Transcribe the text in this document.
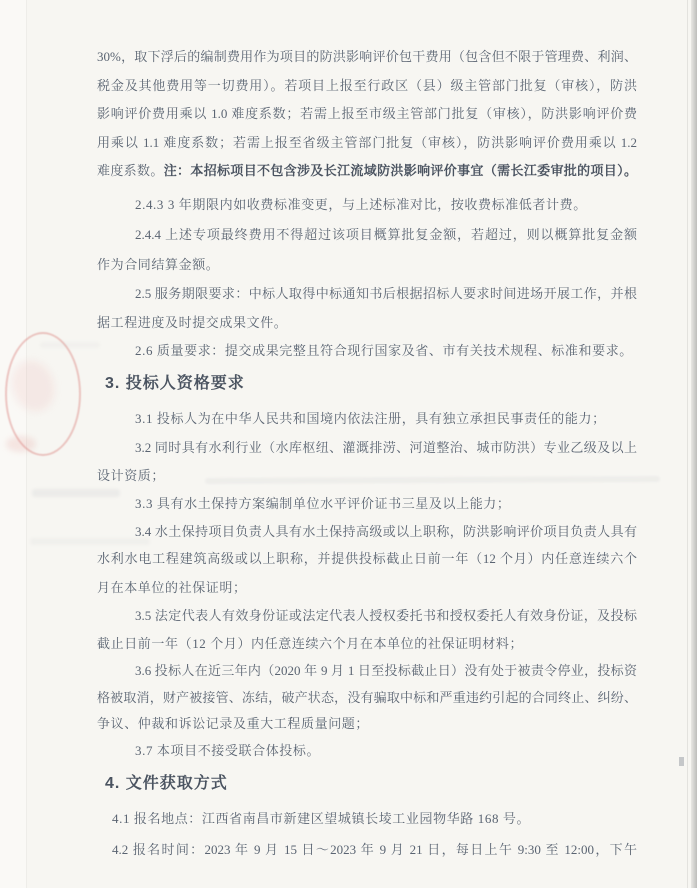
30%，取下浮后的编制费用作为项目的防洪影响评价包干费用（包含但不限于管理费、利润、
税金及其他费用等一切费用）。若项目上报至行政区（县）级主管部门批复（审核），防洪
影响评价费用乘以 1.0 难度系数；若需上报至市级主管部门批复（审核），防洪影响评价费
用乘以 1.1 难度系数；若需上报至省级主管部门批复（审核），防洪影响评价费用乘以 1.2
难度系数。注：本招标项目不包含涉及长江流域防洪影响评价事宜（需长江委审批的项目）。
2.4.3 3 年期限内如收费标准变更，与上述标准对比，按收费标准低者计费。
2.4.4 上述专项最终费用不得超过该项目概算批复金额，若超过，则以概算批复金额
作为合同结算金额。
2.5 服务期限要求：中标人取得中标通知书后根据招标人要求时间进场开展工作，并根
据工程进度及时提交成果文件。
2.6 质量要求：提交成果完整且符合现行国家及省、市有关技术规程、标准和要求。
3. 投标人资格要求
3.1 投标人为在中华人民共和国境内依法注册，具有独立承担民事责任的能力；
3.2 同时具有水利行业（水库枢纽、灌溉排涝、河道整治、城市防洪）专业乙级及以上
设计资质；
3.3 具有水土保持方案编制单位水平评价证书三星及以上能力；
3.4 水土保持项目负责人具有水土保持高级或以上职称，防洪影响评价项目负责人具有
水利水电工程建筑高级或以上职称，并提供投标截止日前一年（12 个月）内任意连续六个
月在本单位的社保证明；
3.5 法定代表人有效身份证或法定代表人授权委托书和授权委托人有效身份证，及投标
截止日前一年（12 个月）内任意连续六个月在本单位的社保证明材料；
3.6 投标人在近三年内（2020 年 9 月 1 日至投标截止日）没有处于被责令停业，投标资
格被取消，财产被接管、冻结，破产状态，没有骗取中标和严重违约引起的合同终止、纠纷、
争议、仲裁和诉讼记录及重大工程质量问题；
3.7 本项目不接受联合体投标。
4. 文件获取方式
4.1 报名地点：江西省南昌市新建区望城镇长堎工业园物华路 168 号。
4.2 报名时间：2023 年 9 月 15 日～2023 年 9 月 21 日，每日上午 9:30 至 12:00，下午
